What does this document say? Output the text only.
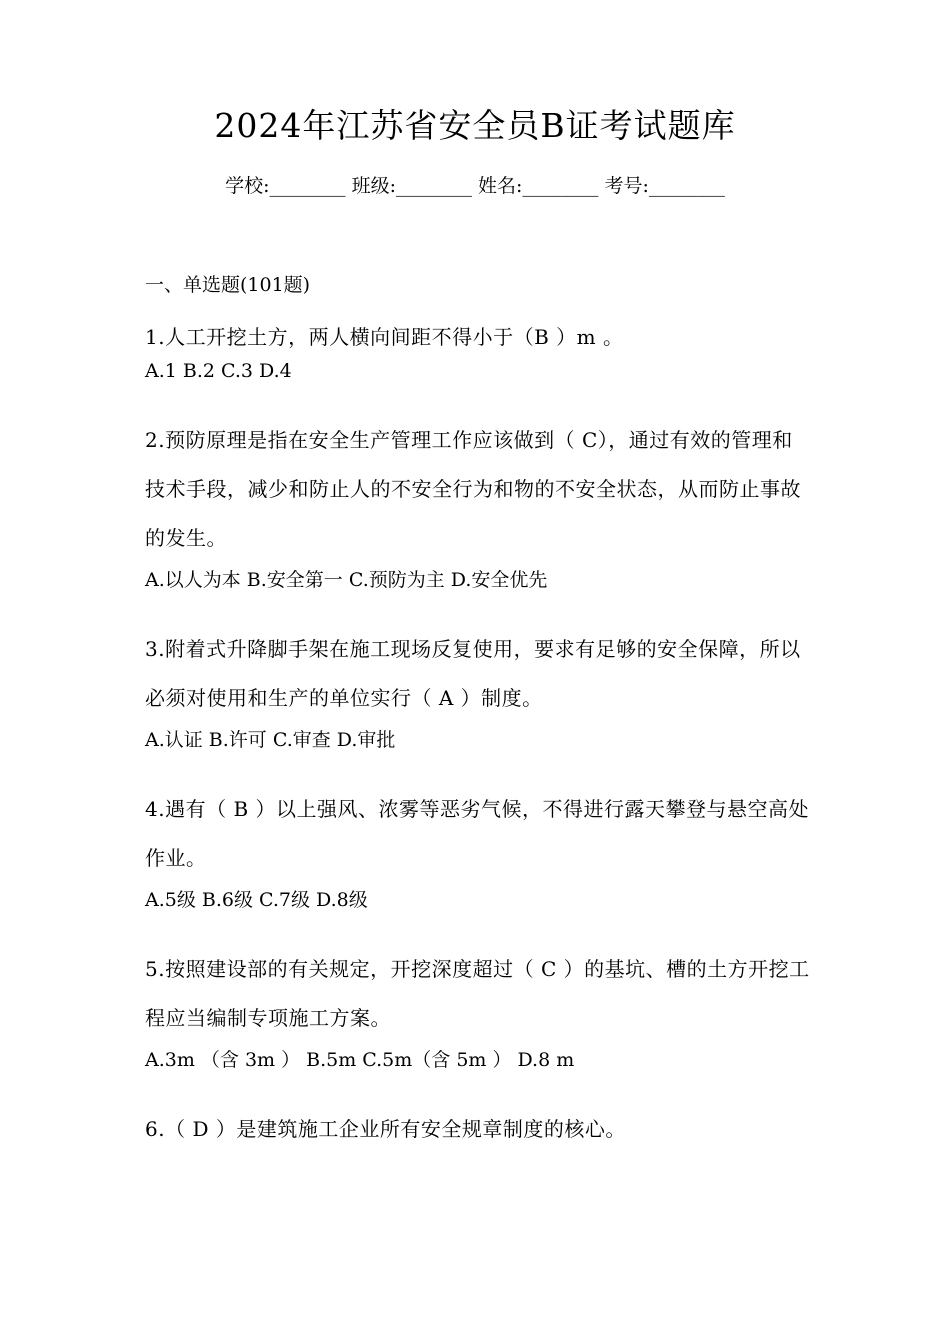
2024年江苏省安全员B证考试题库
学校:________ 班级:________ 姓名:________ 考号:________
一、单选题(101题)
1.人工开挖土方，两人横向间距不得小于（B ）m 。
A.1 B.2 C.3 D.4
2.预防原理是指在安全生产管理工作应该做到（ C），通过有效的管理和技术手段，减少和防止人的不安全行为和物的不安全状态，从而防止事故的发生。
A.以人为本 B.安全第一 C.预防为主 D.安全优先
3.附着式升降脚手架在施工现场反复使用，要求有足够的安全保障，所以必须对使用和生产的单位实行（ A ）制度。
A.认证 B.许可 C.审查 D.审批
4.遇有（ B ）以上强风、浓雾等恶劣气候，不得进行露天攀登与悬空高处作业。
A.5级 B.6级 C.7级 D.8级
5.按照建设部的有关规定，开挖深度超过（ C ）的基坑、槽的土方开挖工程应当编制专项施工方案。
A.3m （含 3m ） B.5m C.5m（含 5m ） D.8 m
6.（ D ）是建筑施工企业所有安全规章制度的核心。
